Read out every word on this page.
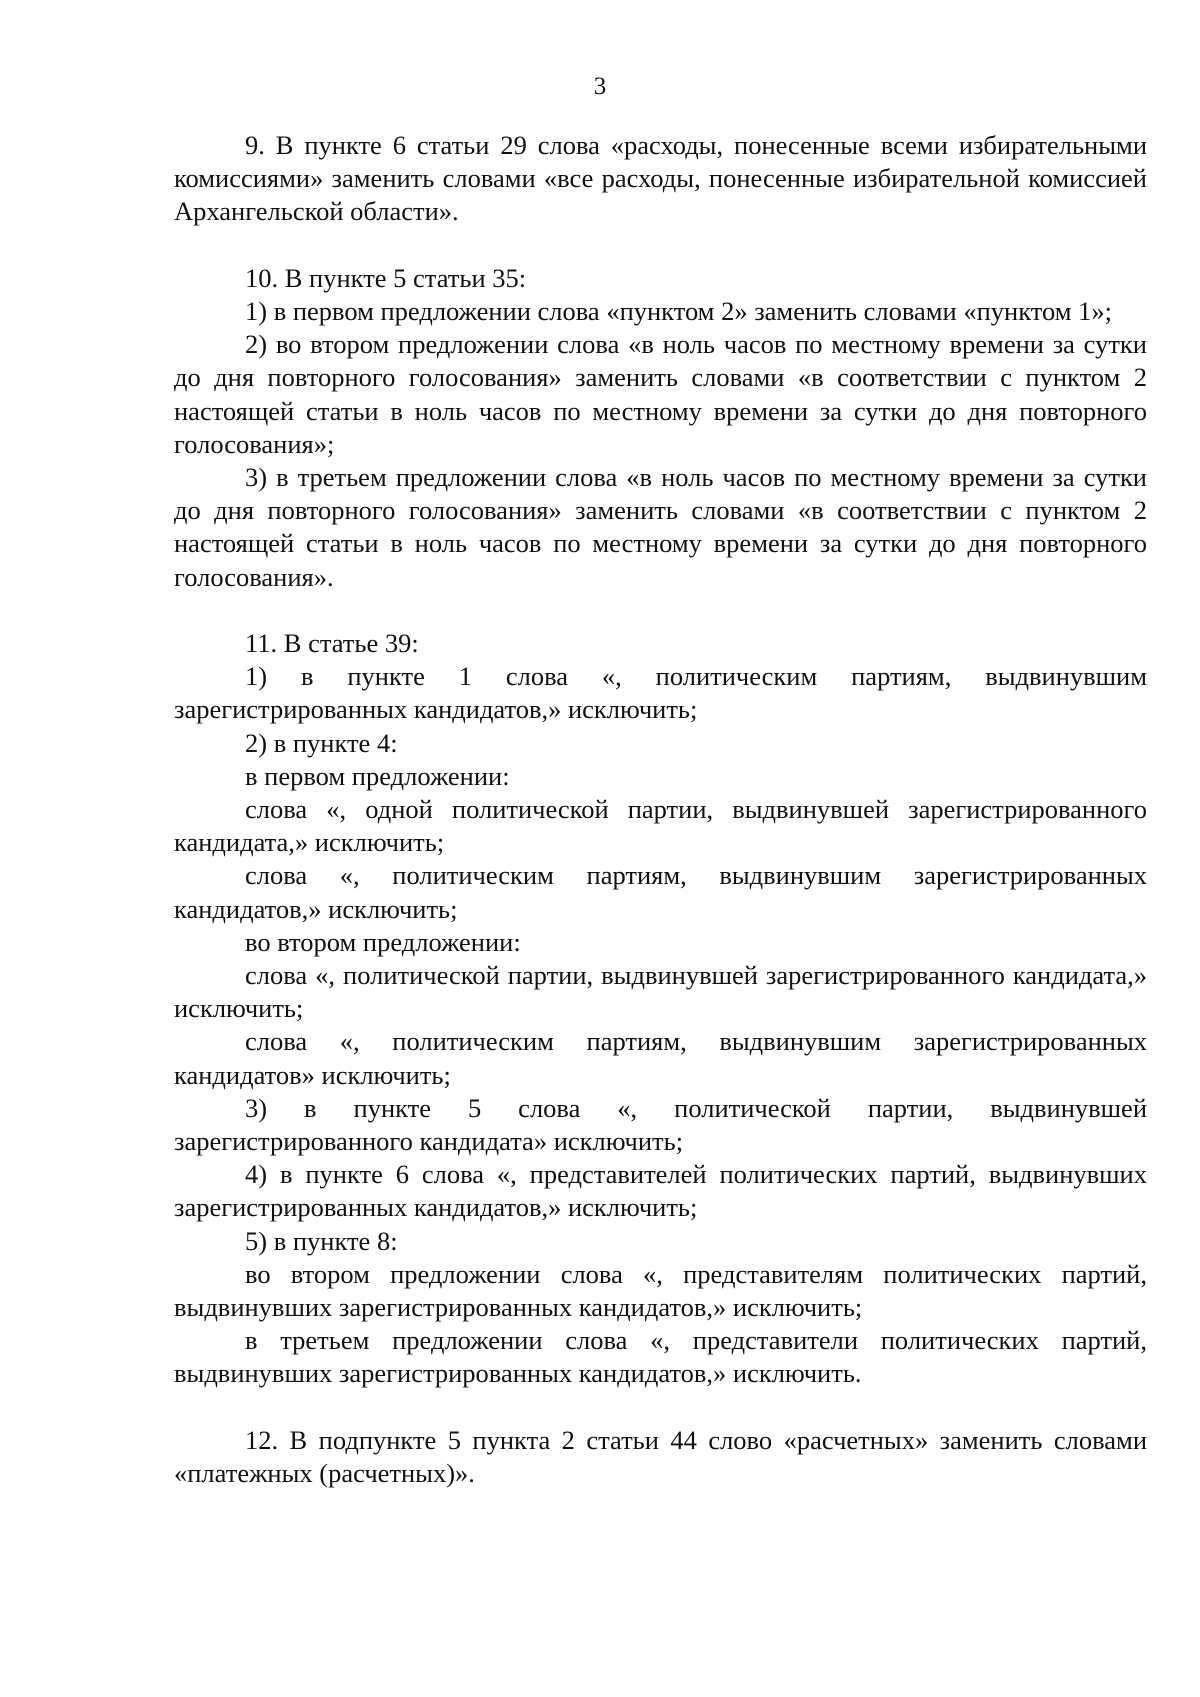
3

9. В пункте 6 статьи 29 слова «расходы, понесенные всеми избирательными комиссиями» заменить словами «все расходы, понесенные избирательной комиссией Архангельской области».

10. В пункте 5 статьи 35:

1) в первом предложении слова «пунктом 2» заменить словами «пунктом 1»;

2) во втором предложении слова «в ноль часов по местному времени за сутки до дня повторного голосования» заменить словами «в соответствии с пунктом 2 настоящей статьи в ноль часов по местному времени за сутки до дня повторного голосования»;

3) в третьем предложении слова «в ноль часов по местному времени за сутки до дня повторного голосования» заменить словами «в соответствии с пунктом 2 настоящей статьи в ноль часов по местному времени за сутки до дня повторного голосования».

11. В статье 39:

1) в пункте 1 слова «, политическим партиям, выдвинувшим зарегистрированных кандидатов,» исключить;

2) в пункте 4:

в первом предложении:

слова «, одной политической партии, выдвинувшей зарегистрированного кандидата,» исключить;

слова «, политическим партиям, выдвинувшим зарегистрированных кандидатов,» исключить;

во втором предложении:

слова «, политической партии, выдвинувшей зарегистрированного кандидата,» исключить;

слова «, политическим партиям, выдвинувшим зарегистрированных кандидатов» исключить;

3) в пункте 5 слова «, политической партии, выдвинувшей зарегистрированного кандидата» исключить;

4) в пункте 6 слова «, представителей политических партий, выдвинувших зарегистрированных кандидатов,» исключить;

5) в пункте 8:

во втором предложении слова «, представителям политических партий, выдвинувших зарегистрированных кандидатов,» исключить;

в третьем предложении слова «, представители политических партий, выдвинувших зарегистрированных кандидатов,» исключить.

12. В подпункте 5 пункта 2 статьи 44 слово «расчетных» заменить словами «платежных (расчетных)».
